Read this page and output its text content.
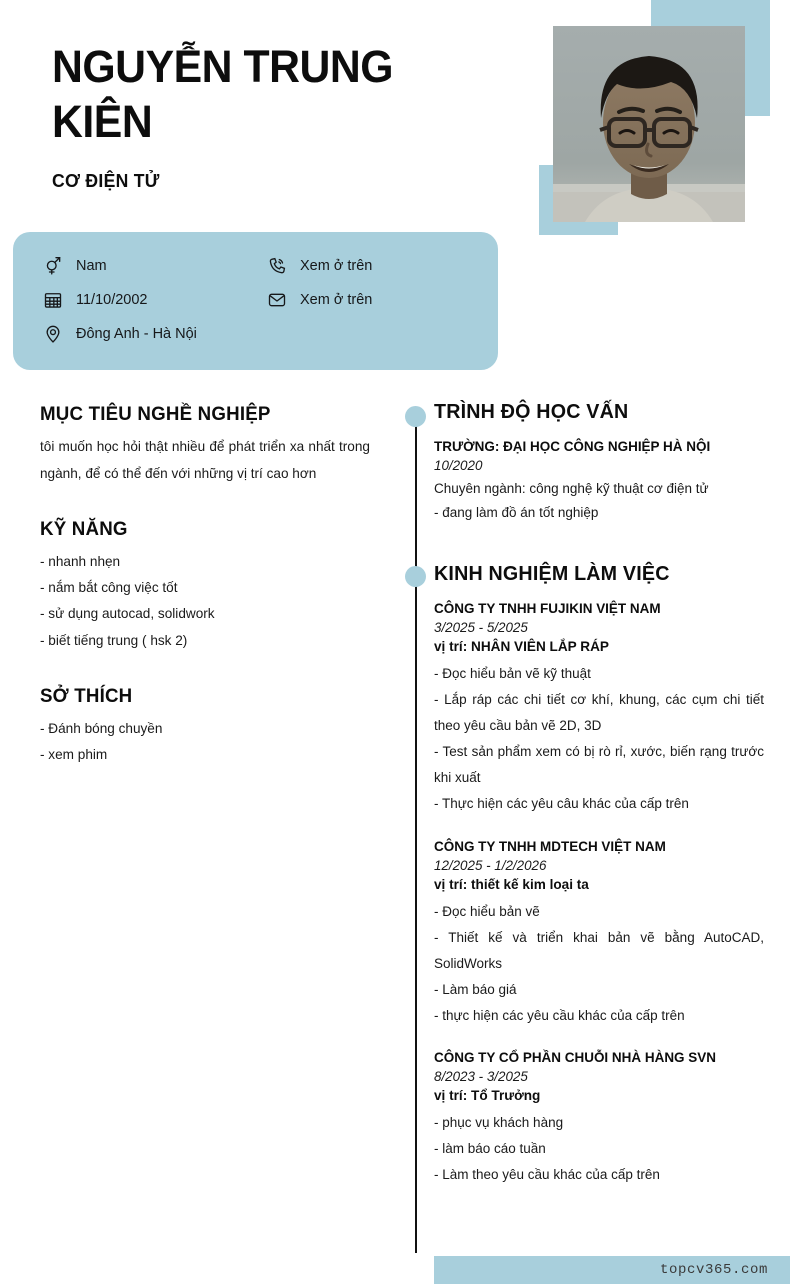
NGUYỄN TRUNG KIÊN
CƠ ĐIỆN TỬ
Nam
11/10/2002
Đông Anh - Hà Nội
Xem ở trên
Xem ở trên
MỤC TIÊU NGHỀ NGHIỆP

tôi muốn học hỏi thật nhiều để phát triển xa nhất trong ngành, để có thể đến với những vị trí cao hơn

KỸ NĂNG

- nhanh nhẹn

- nắm bắt công việc tốt

- sử dụng autocad, solidwork

- biết tiếng trung ( hsk 2)

SỞ THÍCH

- Đánh bóng chuyền

- xem phim

TRÌNH ĐỘ HỌC VẤN
TRƯỜNG: ĐẠI HỌC CÔNG NGHIỆP HÀ NỘI
10/2020

Chuyên ngành: công nghệ kỹ thuật cơ điện tử

- đang làm đồ án tốt nghiệp

KINH NGHIỆM LÀM VIỆC
CÔNG TY TNHH FUJIKIN VIỆT NAM
3/2025 - 5/2025
vị trí: NHÂN VIÊN LẮP RÁP

- Đọc hiểu bản vẽ kỹ thuật

- Lắp ráp các chi tiết cơ khí, khung, các cụm chi tiết theo yêu cầu bản vẽ 2D, 3D

- Test sản phẩm xem có bị rò rỉ, xước, biến rạng trước khi xuất

- Thực hiện các yêu câu khác của cấp trên

CÔNG TY TNHH MDTECH VIỆT NAM
12/2025 - 1/2/2026
vị trí: thiết kế kim loại ta

- Đọc hiểu bản vẽ

- Thiết kế và triển khai bản vẽ bằng AutoCAD, SolidWorks

- Làm báo giá

- thực hiện các yêu cầu khác của cấp trên

CÔNG TY CỔ PHẦN CHUỖI NHÀ HÀNG SVN
8/2023 - 3/2025
vị trí: Tổ Trưởng

- phục vụ khách hàng

- làm báo cáo tuần

- Làm theo yêu cầu khác của cấp trên

topcv365.com
